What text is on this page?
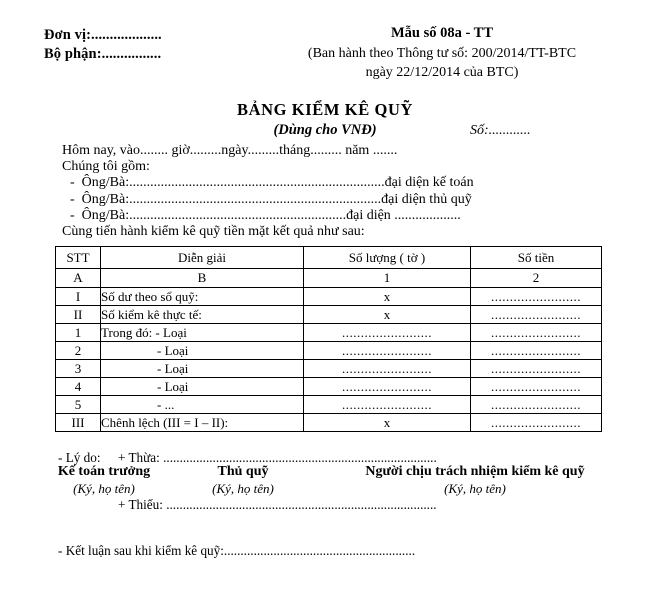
Đơn vị:...................
Bộ phận:................
Mẫu số 08a - TT
(Ban hành theo Thông tư số: 200/2014/TT-BTC
ngày 22/12/2014 của BTC)
BẢNG KIỂM KÊ QUỸ
(Dùng cho VNĐ)	Số:............
Hôm nay, vào........ giờ.........ngày.........tháng......... năm .......
Chúng tôi gồm:
-  Ông/Bà:.........................................................................đại diện kế toán
-  Ông/Bà:........................................................................đại diện thủ quỹ
-  Ông/Bà:..............................................................đại diện ...................
Cùng tiến hành kiểm kê quỹ tiền mặt kết quả như sau:
STT	Diễn giải	Số lượng ( tờ )	Số tiền
A	B	1	2
I	Số dư theo sổ quỹ:	x	........................
II	Số kiểm kê thực tế:	x	........................
1	Trong đó: - Loại	........................	........................
2	- Loại	........................	........................
3	- Loại	........................	........................
4	- Loại	........................	........................
5	- ...	........................	........................
III	Chênh lệch (III = I – II):	x	........................

- Lý do: + Thừa: ...................................................................................

+ Thiếu: ..................................................................................

- Kết luận sau khi kiểm kê quỹ:..........................................................

Kế toán trưởng
(Ký, họ tên)
Thủ quỹ
(Ký, họ tên)
Người chịu trách nhiệm kiểm kê quỹ
(Ký, họ tên)
